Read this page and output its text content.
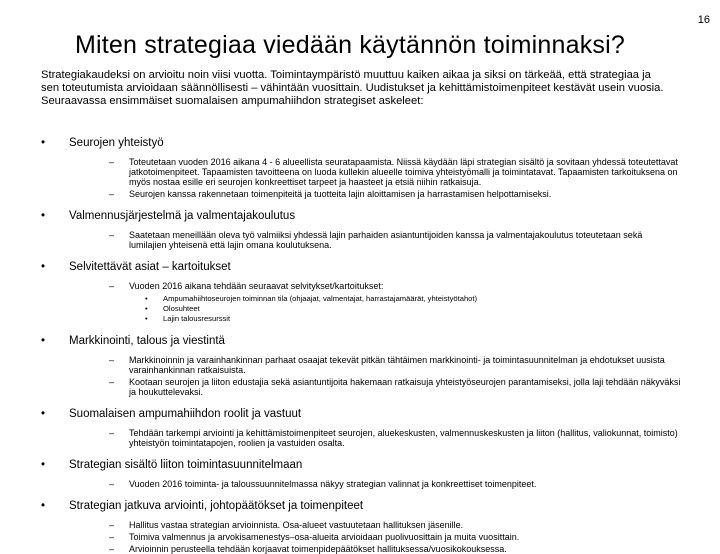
16
Miten strategiaa viedään käytännön toiminnaksi?
Strategiakaudeksi on arvioitu noin viisi vuotta. Toimintaympäristö muuttuu kaiken aikaa ja siksi on tärkeää, että strategiaa ja sen toteutumista arvioidaan säännöllisesti – vähintään vuosittain. Uudistukset ja kehittämistoimenpiteet kestävät usein vuosia. Seuraavassa ensimmäiset suomalaisen ampumahiihdon strategiset askeleet:
• Seurojen yhteistyö
– Toteutetaan vuoden 2016 aikana 4 - 6 alueellista seuratapaamista. Niissä käydään läpi strategian sisältö ja sovitaan yhdessä toteutettavat jatkotoimenpiteet. Tapaamisten tavoitteena on luoda kullekin alueelle toimiva yhteistyömalli ja toimintatavat. Tapaamisten tarkoituksena on myös nostaa esille eri seurojen konkreettiset tarpeet ja haasteet ja etsiä niihin ratkaisuja.
– Seurojen kanssa rakennetaan toimenpiteitä ja tuotteita lajin aloittamisen ja harrastamisen helpottamiseksi.
• Valmennusjärjestelmä ja valmentajakoulutus
– Saatetaan meneillään oleva työ valmiiksi yhdessä lajin parhaiden asiantuntijoiden kanssa ja valmentajakoulutus toteutetaan sekä lumilajien yhteisenä että lajin omana koulutuksena.
• Selvitettävät asiat – kartoitukset
– Vuoden 2016 aikana tehdään seuraavat selvitykset/kartoitukset:
• Ampumahiihtoseurojen toiminnan tila (ohjaajat, valmentajat, harrastajamäärät, yhteistyötahot)
• Olosuhteet
• Lajin talousresurssit
• Markkinointi, talous ja viestintä
– Markkinoinnin ja varainhankinnan parhaat osaajat tekevät pitkän tähtäimen markkinointi- ja toimintasuunnitelman ja ehdotukset uusista varainhankinnan ratkaisuista.
– Kootaan seurojen ja liiton edustajia sekä asiantuntijoita hakemaan ratkaisuja yhteistyöseurojen parantamiseksi, jolla laji tehdään näkyväksi ja houkuttelevaksi.
• Suomalaisen ampumahiihdon roolit ja vastuut
– Tehdään tarkempi arviointi ja kehittämistoimenpiteet seurojen, aluekeskusten, valmennuskeskusten ja liiton (hallitus, valiokunnat, toimisto) yhteistyön toimintatapojen, roolien ja vastuiden osalta.
• Strategian sisältö liiton toimintasuunnitelmaan
– Vuoden 2016 toiminta- ja taloussuunnitelmassa näkyy strategian valinnat ja konkreettiset toimenpiteet.
• Strategian jatkuva arviointi, johtopäätökset ja toimenpiteet
– Hallitus vastaa strategian arvioinnista. Osa-alueet vastuutetaan hallituksen jäsenille.
– Toimiva valmennus ja arvokisamenestys–osa-alueita arvioidaan puolivuosittain ja muita vuosittain.
– Arvioinnin perusteella tehdään korjaavat toimenpidepäätökset hallituksessa/vuosikokouksessa.
